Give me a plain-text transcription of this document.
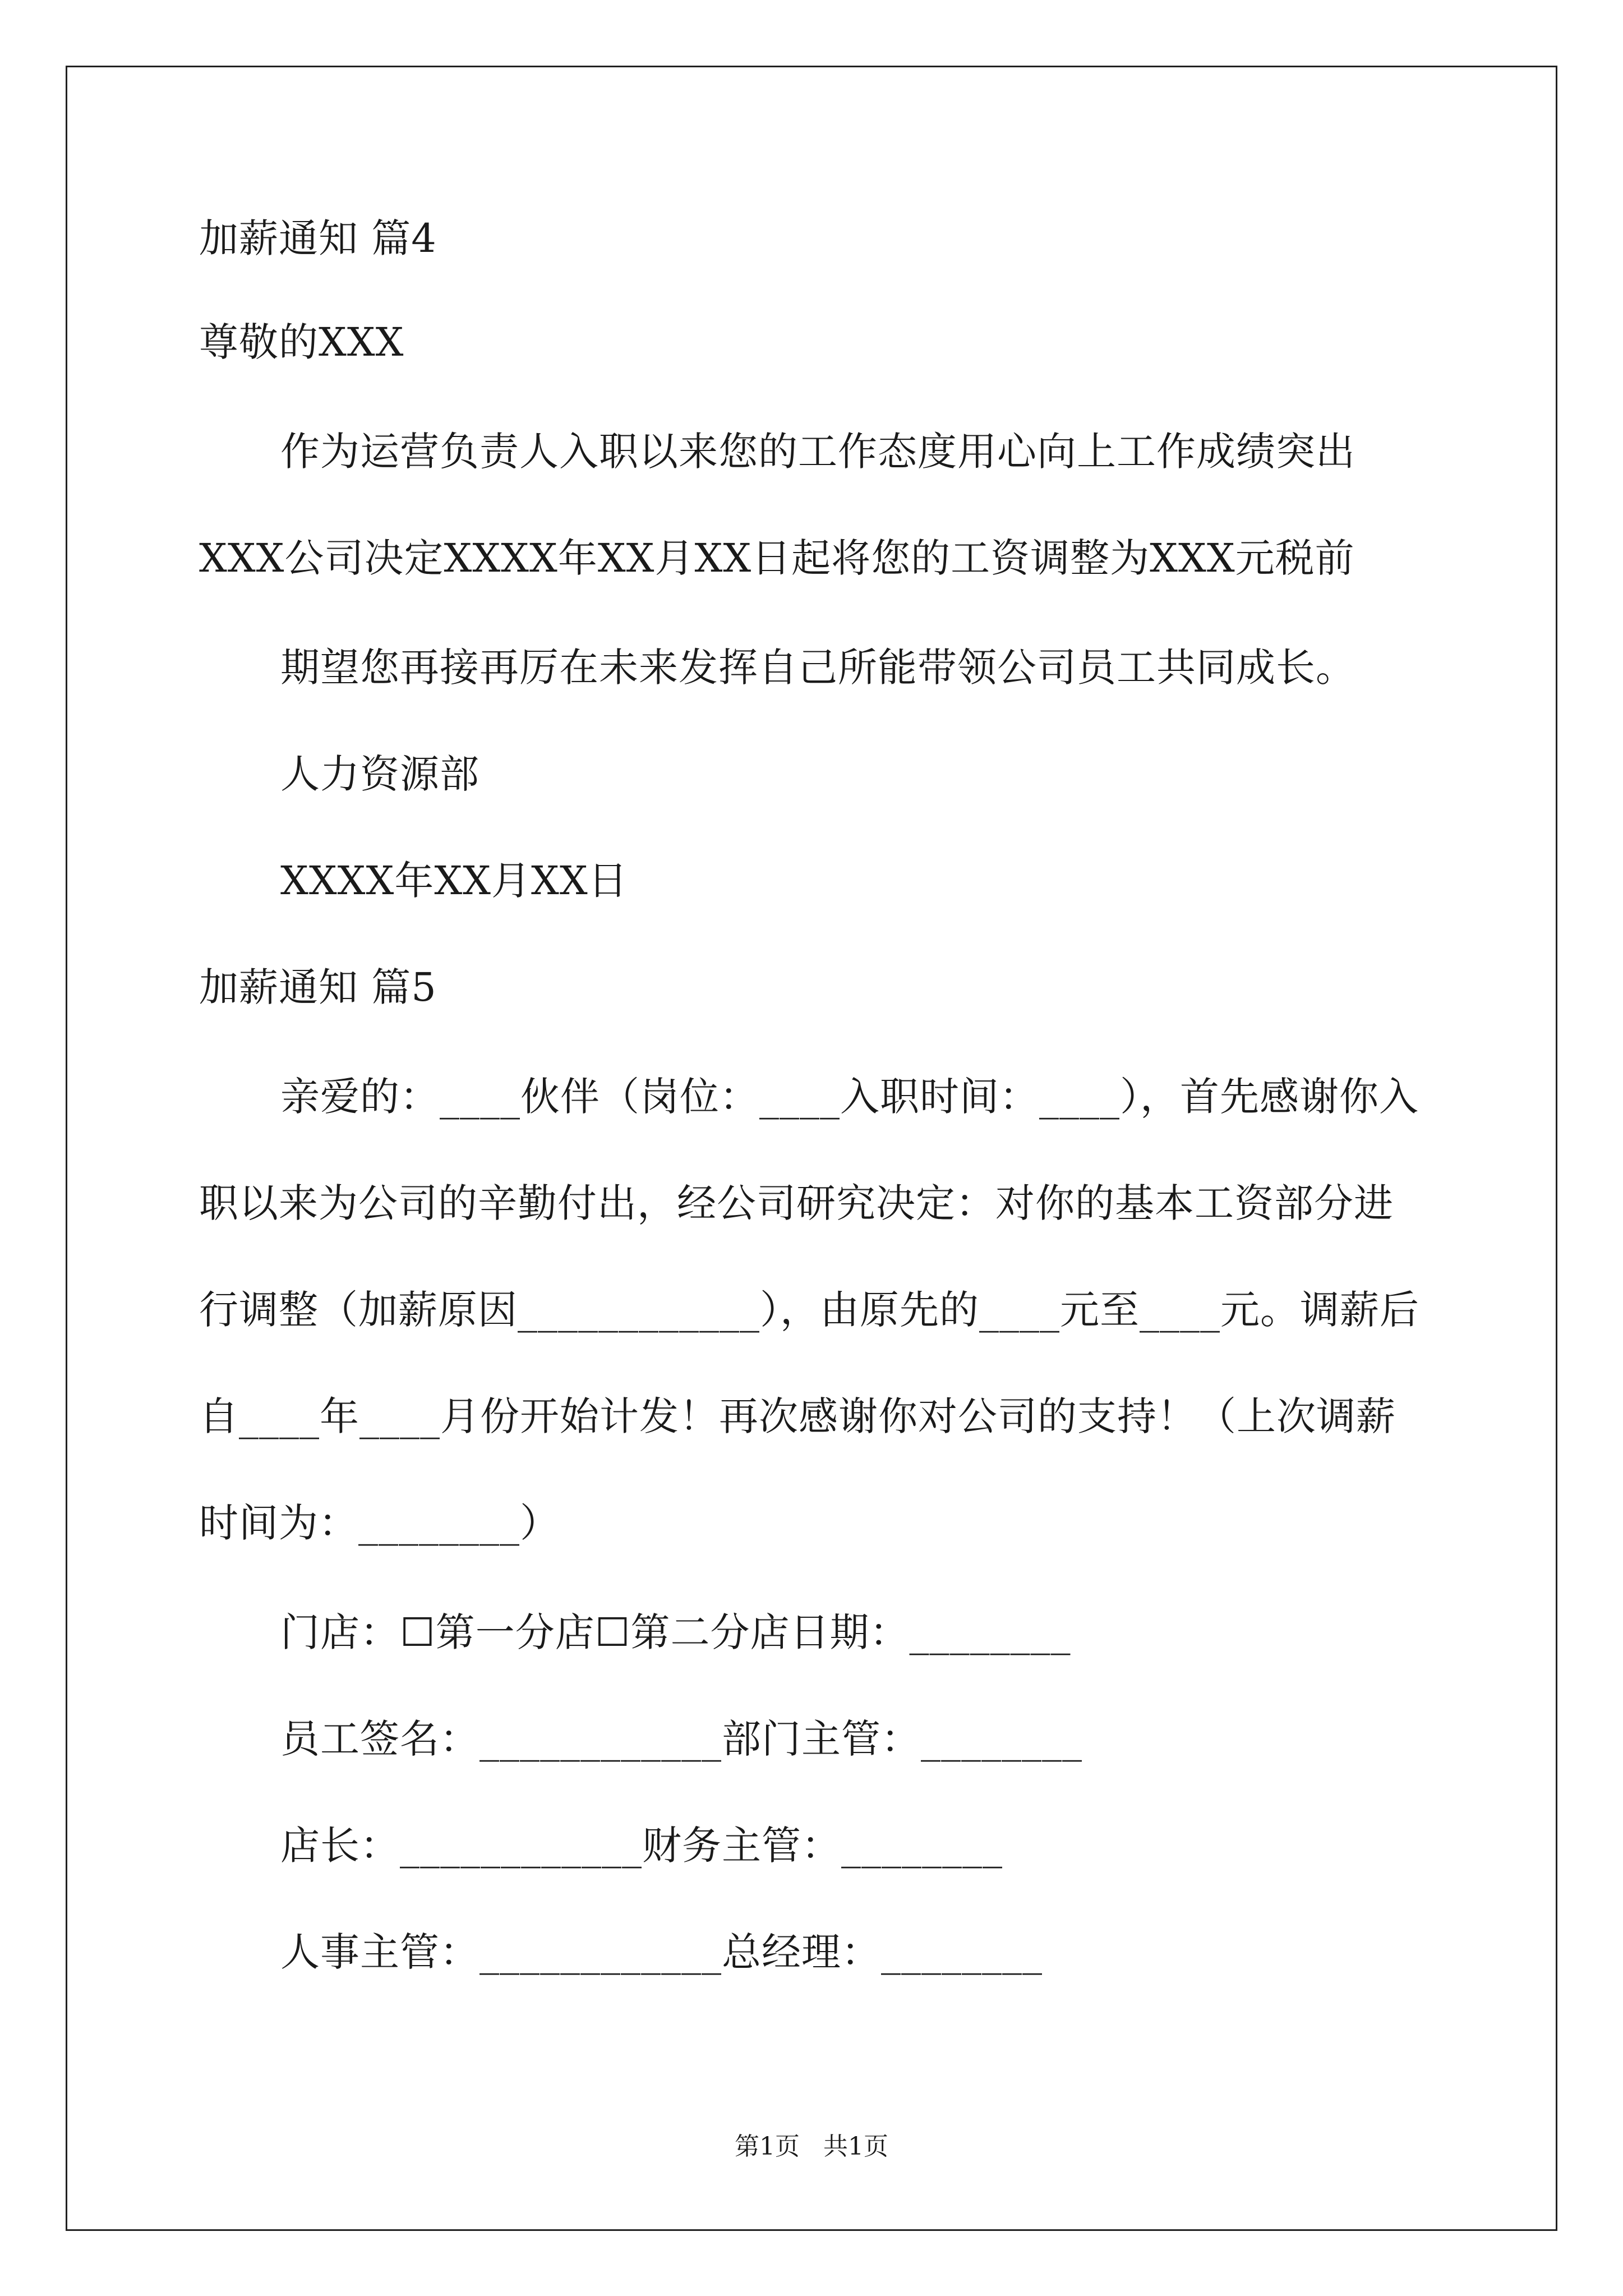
加薪通知 篇4
尊敬的XXX
作为运营负责人入职以来您的工作态度用心向上工作成绩突出
XXX公司决定XXXX年XX月XX日起将您的工资调整为XXX元税前
期望您再接再厉在未来发挥自己所能带领公司员工共同成长。
人力资源部
XXXX年XX月XX日
加薪通知 篇5
亲爱的：____伙伴（岗位：____入职时间：____），首先感谢你入
职以来为公司的辛勤付出，经公司研究决定：对你的基本工资部分进
行调整（加薪原因____________），由原先的____元至____元。调薪后
自____年____月份开始计发！再次感谢你对公司的支持！（上次调薪
时间为：________）
门店：☐第一分店☐第二分店日期：________
员工签名：____________部门主管：________
店长：____________财务主管：________
人事主管：____________总经理：________
第1页   共1页
